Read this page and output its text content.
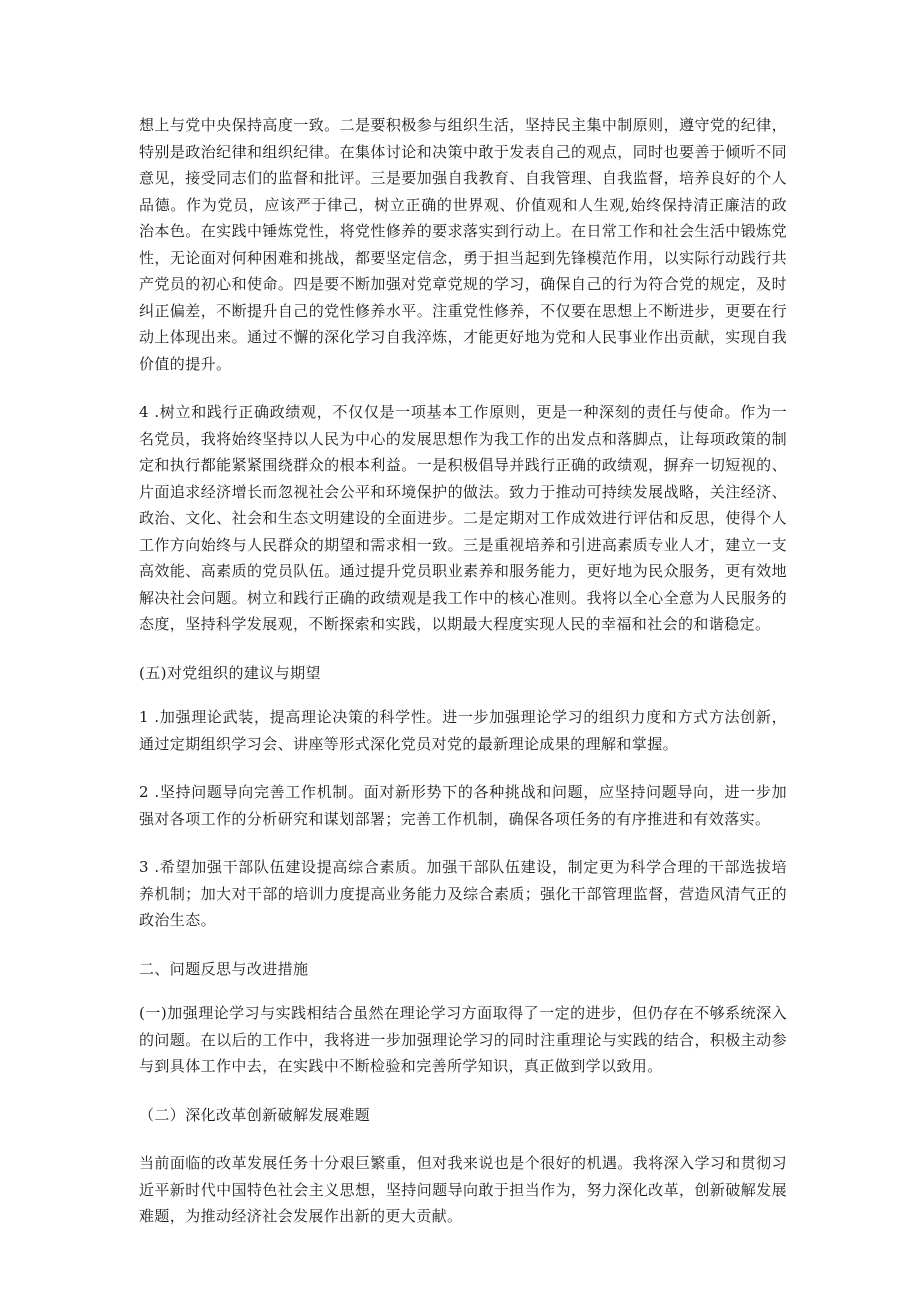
想上与党中央保持高度一致。二是要积极参与组织生活，坚持民主集中制原则，遵守党的纪律，特别是政治纪律和组织纪律。在集体讨论和决策中敢于发表自己的观点，同时也要善于倾听不同意见，接受同志们的监督和批评。三是要加强自我教育、自我管理、自我监督，培养良好的个人品德。作为党员，应该严于律己，树立正确的世界观、价值观和人生观,始终保持清正廉洁的政治本色。在实践中锤炼党性，将党性修养的要求落实到行动上。在日常工作和社会生活中锻炼党性，无论面对何种困难和挑战，都要坚定信念，勇于担当起到先锋模范作用，以实际行动践行共产党员的初心和使命。四是要不断加强对党章党规的学习，确保自己的行为符合党的规定，及时纠正偏差，不断提升自己的党性修养水平。注重党性修养，不仅要在思想上不断进步，更要在行动上体现出来。通过不懈的深化学习自我淬炼，才能更好地为党和人民事业作出贡献，实现自我价值的提升。

4 .树立和践行正确政绩观，不仅仅是一项基本工作原则，更是一种深刻的责任与使命。作为一名党员，我将始终坚持以人民为中心的发展思想作为我工作的出发点和落脚点，让每项政策的制定和执行都能紧紧围绕群众的根本利益。一是积极倡导并践行正确的政绩观，摒弃一切短视的、片面追求经济增长而忽视社会公平和环境保护的做法。致力于推动可持续发展战略，关注经济、政治、文化、社会和生态文明建设的全面进步。二是定期对工作成效进行评估和反思，使得个人工作方向始终与人民群众的期望和需求相一致。三是重视培养和引进高素质专业人才，建立一支高效能、高素质的党员队伍。通过提升党员职业素养和服务能力，更好地为民众服务，更有效地解决社会问题。树立和践行正确的政绩观是我工作中的核心准则。我将以全心全意为人民服务的态度，坚持科学发展观，不断探索和实践，以期最大程度实现人民的幸福和社会的和谐稳定。

(五)对党组织的建议与期望

1 .加强理论武装，提高理论决策的科学性。进一步加强理论学习的组织力度和方式方法创新，通过定期组织学习会、讲座等形式深化党员对党的最新理论成果的理解和掌握。

2 .坚持问题导向完善工作机制。面对新形势下的各种挑战和问题，应坚持问题导向，进一步加强对各项工作的分析研究和谋划部署；完善工作机制，确保各项任务的有序推进和有效落实。

3 .希望加强干部队伍建设提高综合素质。加强干部队伍建设，制定更为科学合理的干部选拔培养机制；加大对干部的培训力度提高业务能力及综合素质；强化干部管理监督，营造风清气正的政治生态。

二、问题反思与改进措施

(一)加强理论学习与实践相结合虽然在理论学习方面取得了一定的进步，但仍存在不够系统深入的问题。在以后的工作中，我将进一步加强理论学习的同时注重理论与实践的结合，积极主动参与到具体工作中去，在实践中不断检验和完善所学知识，真正做到学以致用。

（二）深化改革创新破解发展难题

当前面临的改革发展任务十分艰巨繁重，但对我来说也是个很好的机遇。我将深入学习和贯彻习近平新时代中国特色社会主义思想，坚持问题导向敢于担当作为，努力深化改革，创新破解发展难题，为推动经济社会发展作出新的更大贡献。
